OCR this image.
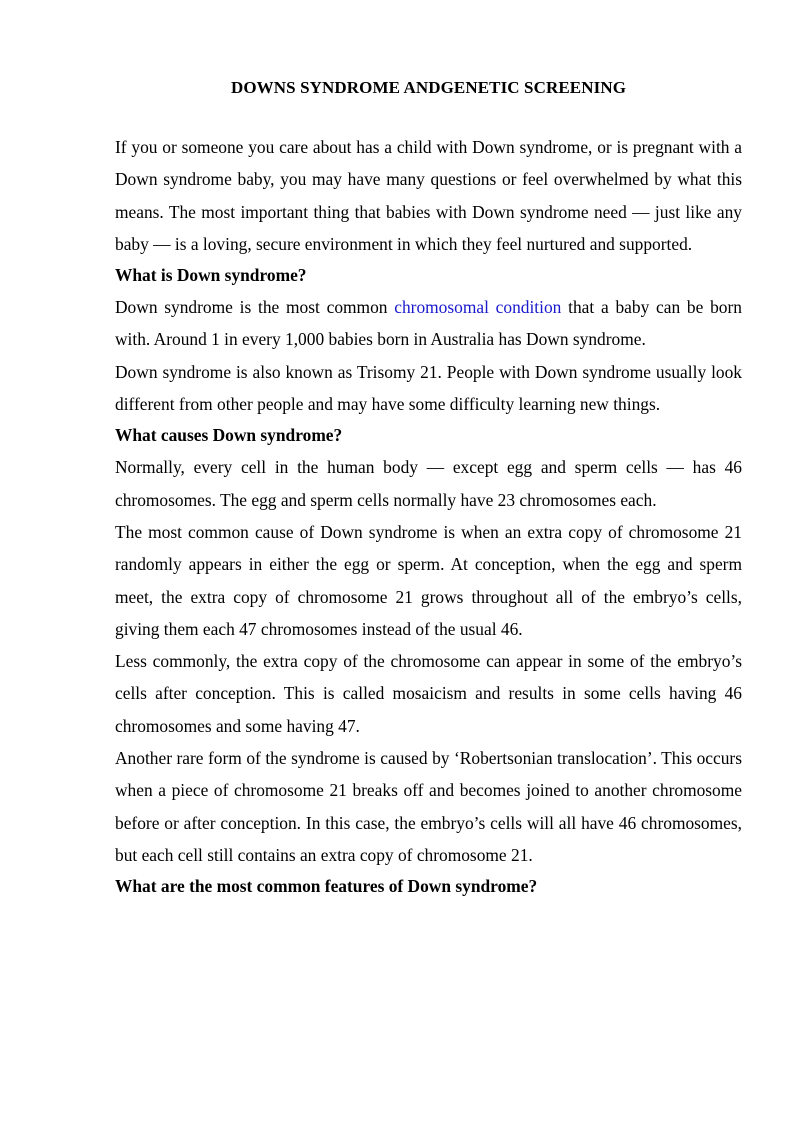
DOWNS SYNDROME ANDGENETIC SCREENING

If you or someone you care about has a child with Down syndrome, or is pregnant with a Down syndrome baby, you may have many questions or feel overwhelmed by what this means. The most important thing that babies with Down syndrome need — just like any baby — is a loving, secure environment in which they feel nurtured and supported.

What is Down syndrome?

Down syndrome is the most common chromosomal condition that a baby can be born with. Around 1 in every 1,000 babies born in Australia has Down syndrome.

Down syndrome is also known as Trisomy 21. People with Down syndrome usually look different from other people and may have some difficulty learning new things.

What causes Down syndrome?

Normally, every cell in the human body — except egg and sperm cells — has 46 chromosomes. The egg and sperm cells normally have 23 chromosomes each.

The most common cause of Down syndrome is when an extra copy of chromosome 21 randomly appears in either the egg or sperm. At conception, when the egg and sperm meet, the extra copy of chromosome 21 grows throughout all of the embryo’s cells, giving them each 47 chromosomes instead of the usual 46.

Less commonly, the extra copy of the chromosome can appear in some of the embryo’s cells after conception. This is called mosaicism and results in some cells having 46 chromosomes and some having 47.

Another rare form of the syndrome is caused by ‘Robertsonian translocation’. This occurs when a piece of chromosome 21 breaks off and becomes joined to another chromosome before or after conception. In this case, the embryo’s cells will all have 46 chromosomes, but each cell still contains an extra copy of chromosome 21.

What are the most common features of Down syndrome?
